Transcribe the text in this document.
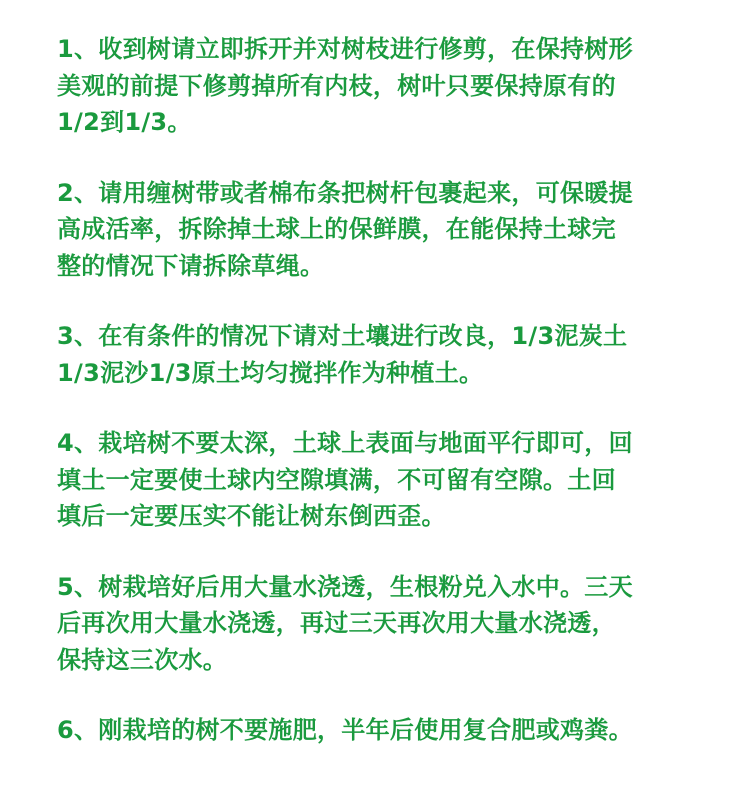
1、收到树请立即拆开并对树枝进行修剪，在保持树形
美观的前提下修剪掉所有内枝，树叶只要保持原有的
1/2到1/3。
2、请用缠树带或者棉布条把树杆包裹起来，可保暖提
高成活率，拆除掉土球上的保鲜膜，在能保持土球完
整的情况下请拆除草绳。
3、在有条件的情况下请对土壤进行改良，1/3泥炭土
1/3泥沙1/3原土均匀搅拌作为种植土。
4、栽培树不要太深，土球上表面与地面平行即可，回
填土一定要使土球内空隙填满，不可留有空隙。土回
填后一定要压实不能让树东倒西歪。
5、树栽培好后用大量水浇透，生根粉兑入水中。三天
后再次用大量水浇透，再过三天再次用大量水浇透，
保持这三次水。
6、刚栽培的树不要施肥，半年后使用复合肥或鸡粪。
